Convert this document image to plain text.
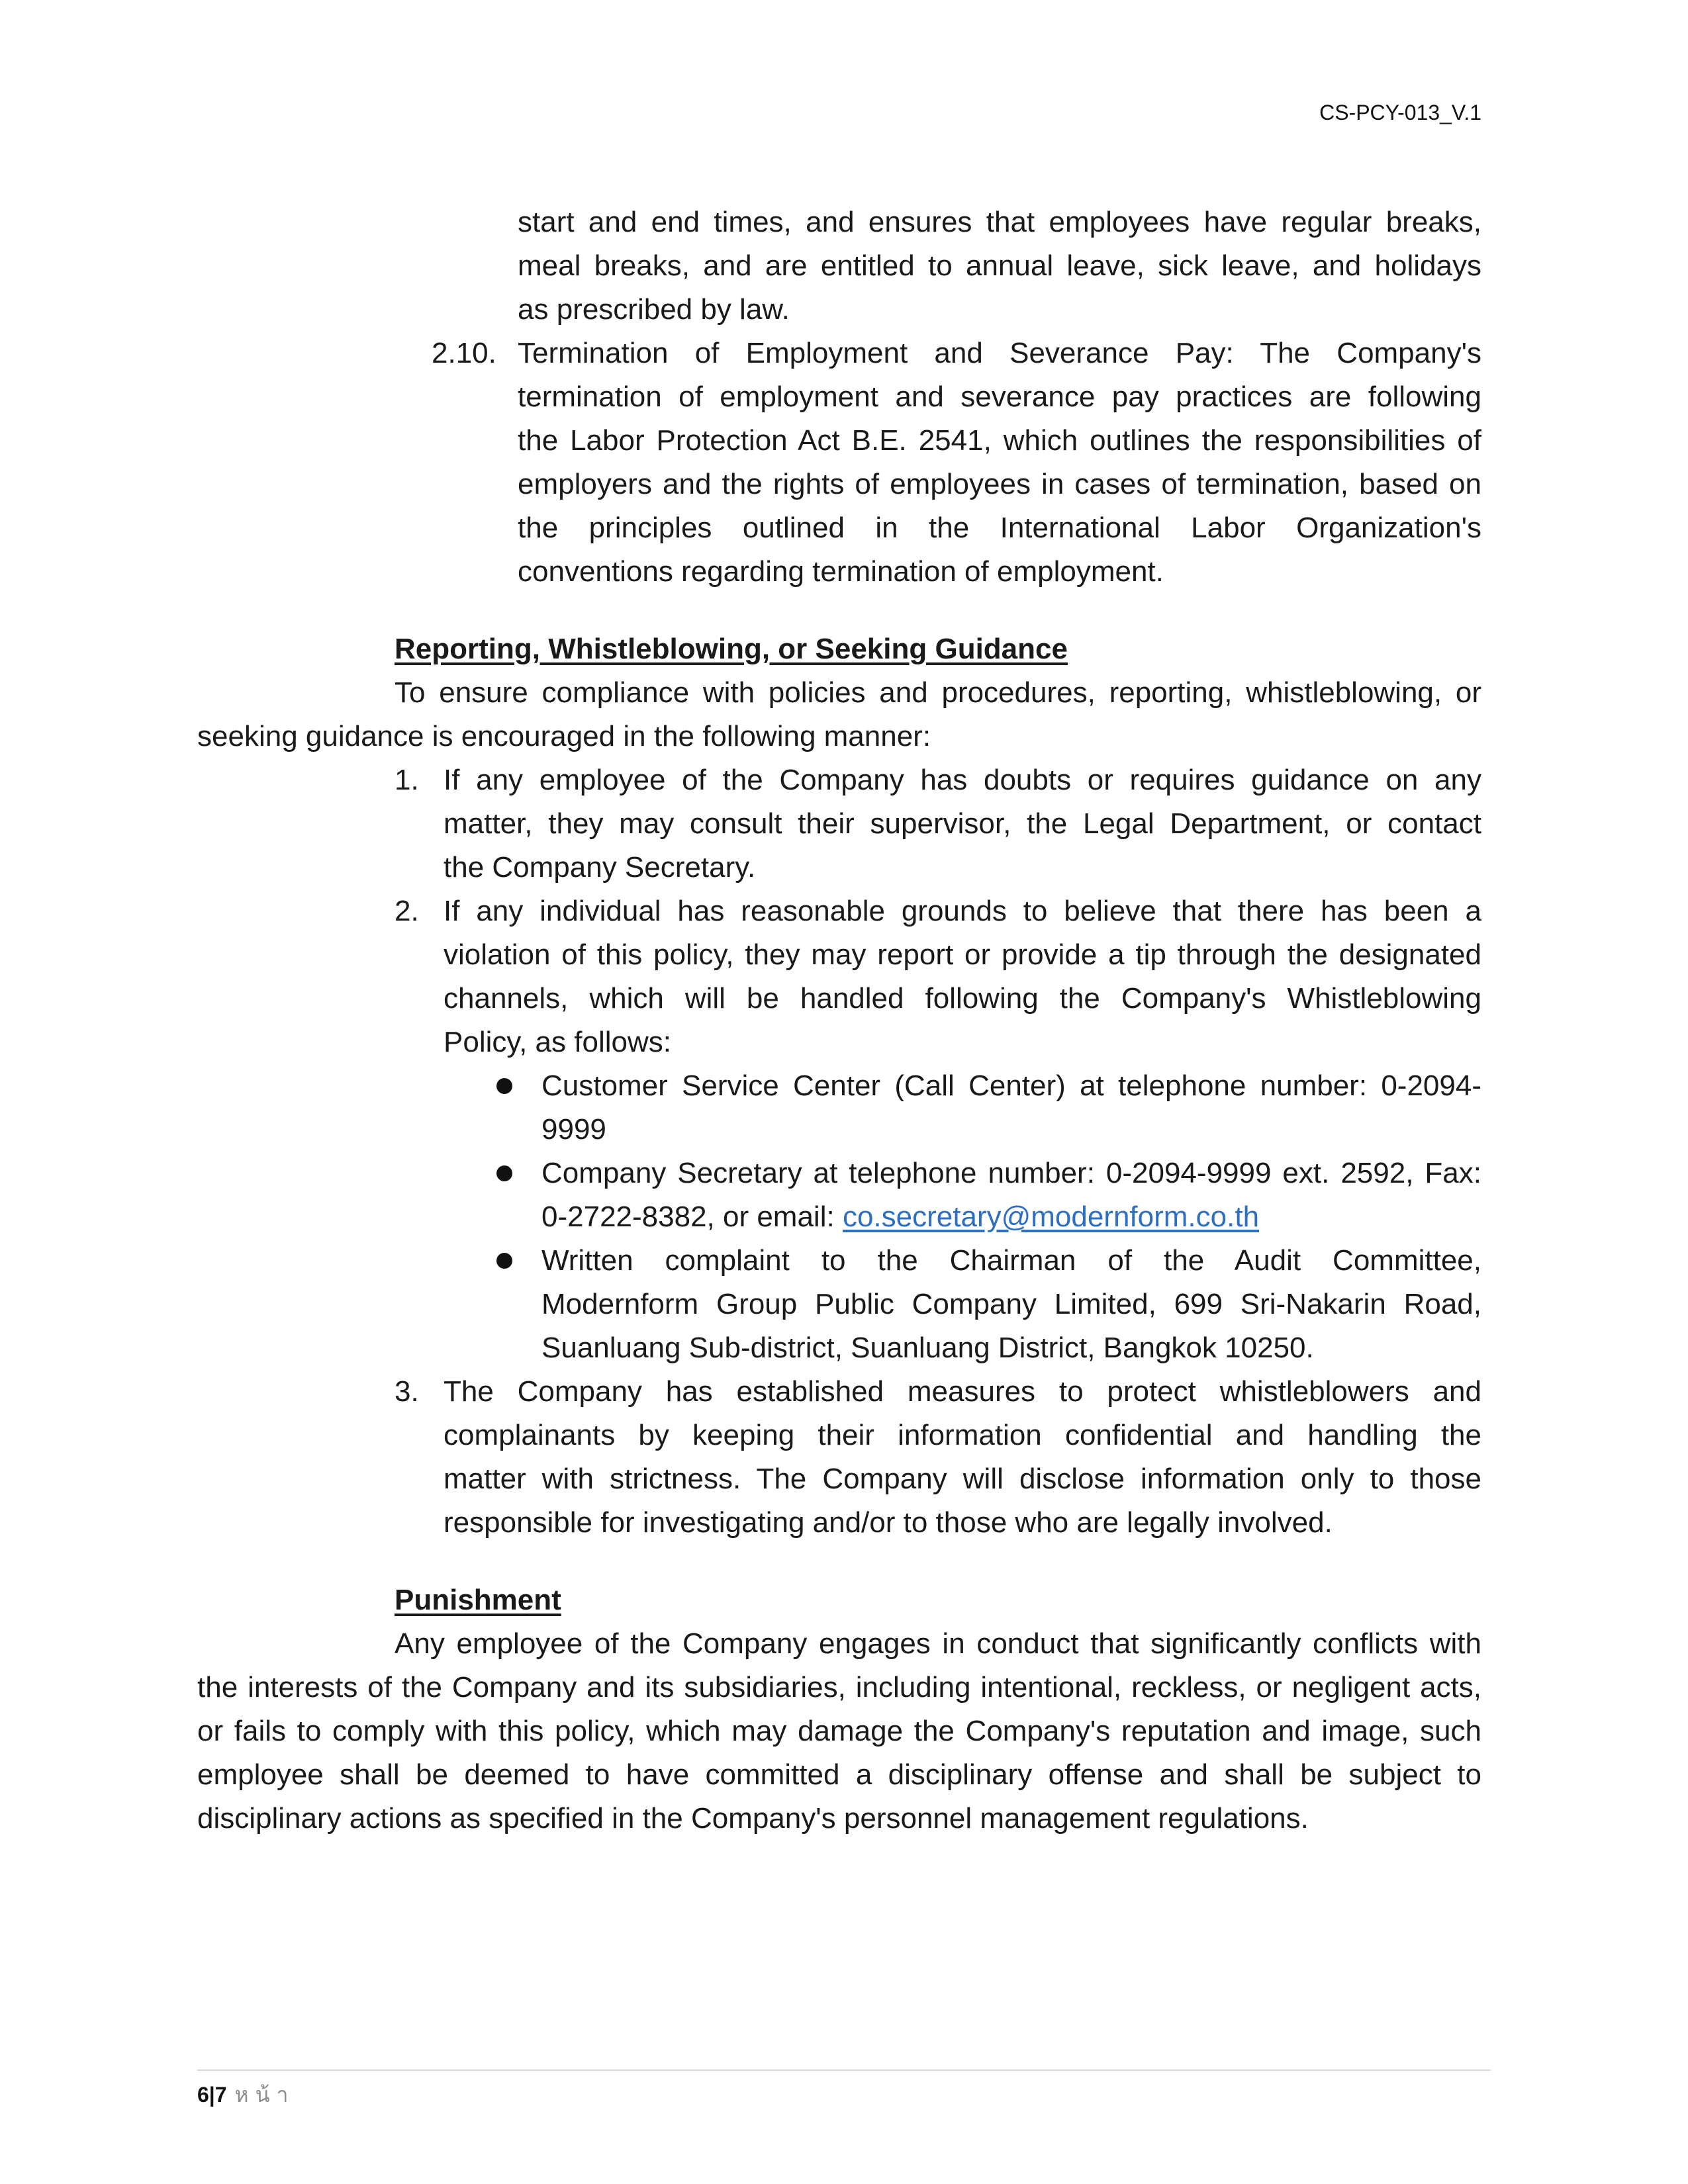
CS-PCY-013_V.1

start and end times, and ensures that employees have regular breaks,

meal breaks, and are entitled to annual leave, sick leave, and holidays

as prescribed by law.

2.10. Termination of Employment and Severance Pay: The Company's

termination of employment and severance pay practices are following

the Labor Protection Act B.E. 2541, which outlines the responsibilities of

employers and the rights of employees in cases of termination, based on

the principles outlined in the International Labor Organization's

conventions regarding termination of employment.

Reporting, Whistleblowing, or Seeking Guidance

To ensure compliance with policies and procedures, reporting, whistleblowing, or

seeking guidance is encouraged in the following manner:

1. If any employee of the Company has doubts or requires guidance on any

matter, they may consult their supervisor, the Legal Department, or contact

the Company Secretary.

2. If any individual has reasonable grounds to believe that there has been a

violation of this policy, they may report or provide a tip through the designated

channels, which will be handled following the Company's Whistleblowing

Policy, as follows:

Customer Service Center (Call Center) at telephone number: 0-2094-

9999

Company Secretary at telephone number: 0-2094-9999 ext. 2592, Fax:

0-2722-8382, or email: co.secretary@modernform.co.th

Written complaint to the Chairman of the Audit Committee,

Modernform Group Public Company Limited, 699 Sri-Nakarin Road,

Suanluang Sub-district, Suanluang District, Bangkok 10250.

3. The Company has established measures to protect whistleblowers and

complainants by keeping their information confidential and handling the

matter with strictness. The Company will disclose information only to those

responsible for investigating and/or to those who are legally involved.

Punishment

Any employee of the Company engages in conduct that significantly conflicts with

the interests of the Company and its subsidiaries, including intentional, reckless, or negligent acts,

or fails to comply with this policy, which may damage the Company's reputation and image, such

employee shall be deemed to have committed a disciplinary offense and shall be subject to

disciplinary actions as specified in the Company's personnel management regulations.

6|7 หน้า
